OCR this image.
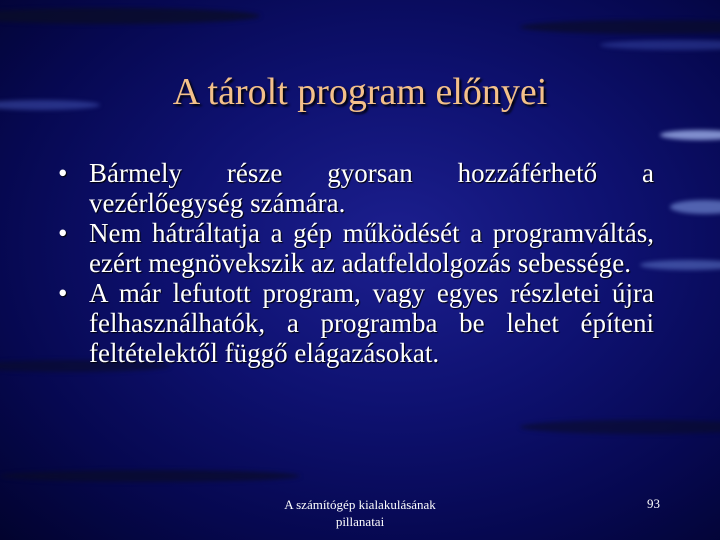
A tárolt program előnyei
• Bármely része gyorsan hozzáférhető a vezérlőegység számára.
• Nem hátráltatja a gép működését a programváltás, ezért megnövekszik az adatfeldolgozás sebessége.
• A már lefutott program, vagy egyes részletei újra felhasználhatók, a programba be lehet építeni feltételektől függő elágazásokat.
A számítógép kialakulásának
pillanatai
93
